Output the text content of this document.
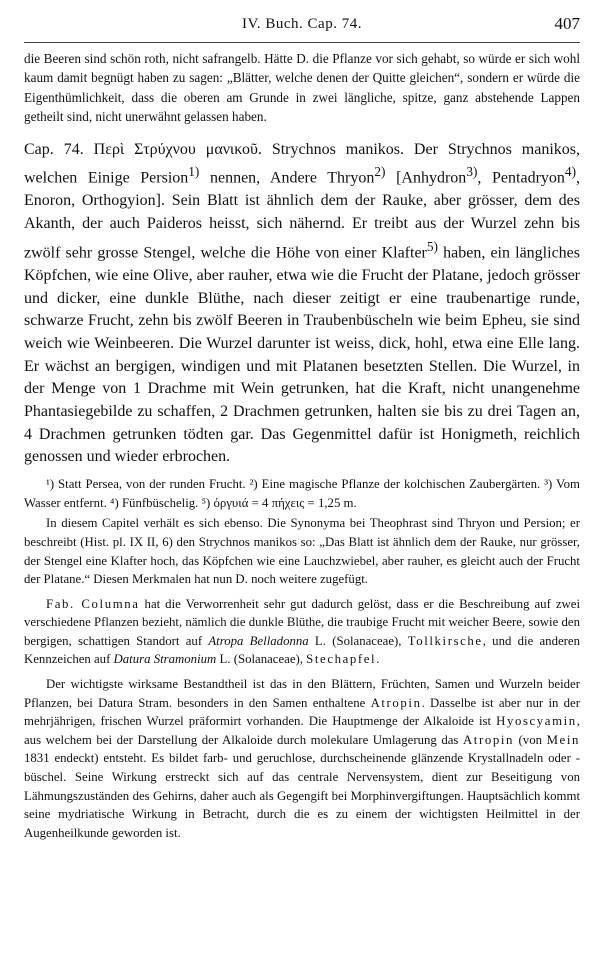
IV. Buch. Cap. 74.	407

die Beeren sind schön roth, nicht safrangelb. Hätte D. die Pflanze vor sich gehabt, so würde er sich wohl kaum damit begnügt haben zu sagen: „Blätter, welche denen der Quitte gleichen“, sondern er würde die Eigenthümlichkeit, dass die oberen am Grunde in zwei längliche, spitze, ganz abstehende Lappen getheilt sind, nicht unerwähnt gelassen haben.

Cap. 74. Περὶ Στρύχνου μανικοῦ. Strychnos manikos. Der Strychnos manikos, welchen Einige Persion$^{1)}$ nennen, Andere Thryon$^{2)}$ [Anhydron$^{3)}$, Pentadryon$^{4)}$, Enoron, Orthogyion]. Sein Blatt ist ähnlich dem der Rauke, aber grösser, dem des Akanth, der auch Paideros heisst, sich nähernd. Er treibt aus der Wurzel zehn bis zwölf sehr grosse Stengel, welche die Höhe von einer Klafter$^{5)}$ haben, ein längliches Köpfchen, wie eine Olive, aber rauher, etwa wie die Frucht der Platane, jedoch grösser und dicker, eine dunkle Blüthe, nach dieser zeitigt er eine traubenartige runde, schwarze Frucht, zehn bis zwölf Beeren in Traubenbüscheln wie beim Epheu, sie sind weich wie Weinbeeren. Die Wurzel darunter ist weiss, dick, hohl, etwa eine Elle lang. Er wächst an bergigen, windigen und mit Platanen besetzten Stellen. Die Wurzel, in der Menge von 1 Drachme mit Wein getrunken, hat die Kraft, nicht unangenehme Phantasiegebilde zu schaffen, 2 Drachmen getrunken, halten sie bis zu drei Tagen an, 4 Drachmen getrunken tödten gar. Das Gegenmittel dafür ist Honigmeth, reichlich genossen und wieder erbrochen.

¹) Statt Persea, von der runden Frucht. ²) Eine magische Pflanze der kolchischen Zaubergärten. ³) Vom Wasser entfernt. ⁴) Fünfbüschelig. ⁵) ὀργυιά = 4 πήχεις = 1,25 m.

In diesem Capitel verhält es sich ebenso. Die Synonyma bei Theophrast sind Thryon und Persion; er beschreibt (Hist. pl. IX II, 6) den Strychnos manikos so: „Das Blatt ist ähnlich dem der Rauke, nur grösser, der Stengel eine Klafter hoch, das Köpfchen wie eine Lauchzwiebel, aber rauher, es gleicht auch der Frucht der Platane.“ Diesen Merkmalen hat nun D. noch weitere zugefügt.

Fab. Columna hat die Verworrenheit sehr gut dadurch gelöst, dass er die Beschreibung auf zwei verschiedene Pflanzen bezieht, nämlich die dunkle Blüthe, die traubige Frucht mit weicher Beere, sowie den bergigen, schattigen Standort auf Atropa Belladonna L. (Solanaceae), Tollkirsche, und die anderen Kennzeichen auf Datura Stramonium L. (Solanaceae), Stechapfel.

Der wichtigste wirksame Bestandtheil ist das in den Blättern, Früchten, Samen und Wurzeln beider Pflanzen, bei Datura Stram. besonders in den Samen enthaltene Atropin. Dasselbe ist aber nur in der mehrjährigen, frischen Wurzel präformirt vorhanden. Die Hauptmenge der Alkaloide ist Hyoscyamin, aus welchem bei der Darstellung der Alkaloide durch molekulare Umlagerung das Atropin (von Mein 1831 endeckt) entsteht. Es bildet farb- und geruchlose, durchscheinende glänzende Krystallnadeln oder -büschel. Seine Wirkung erstreckt sich auf das centrale Nervensystem, dient zur Beseitigung von Lähmungszuständen des Gehirns, daher auch als Gegengift bei Morphinvergiftungen. Hauptsächlich kommt seine mydriatische Wirkung in Betracht, durch die es zu einem der wichtigsten Heilmittel in der Augenheilkunde geworden ist.
